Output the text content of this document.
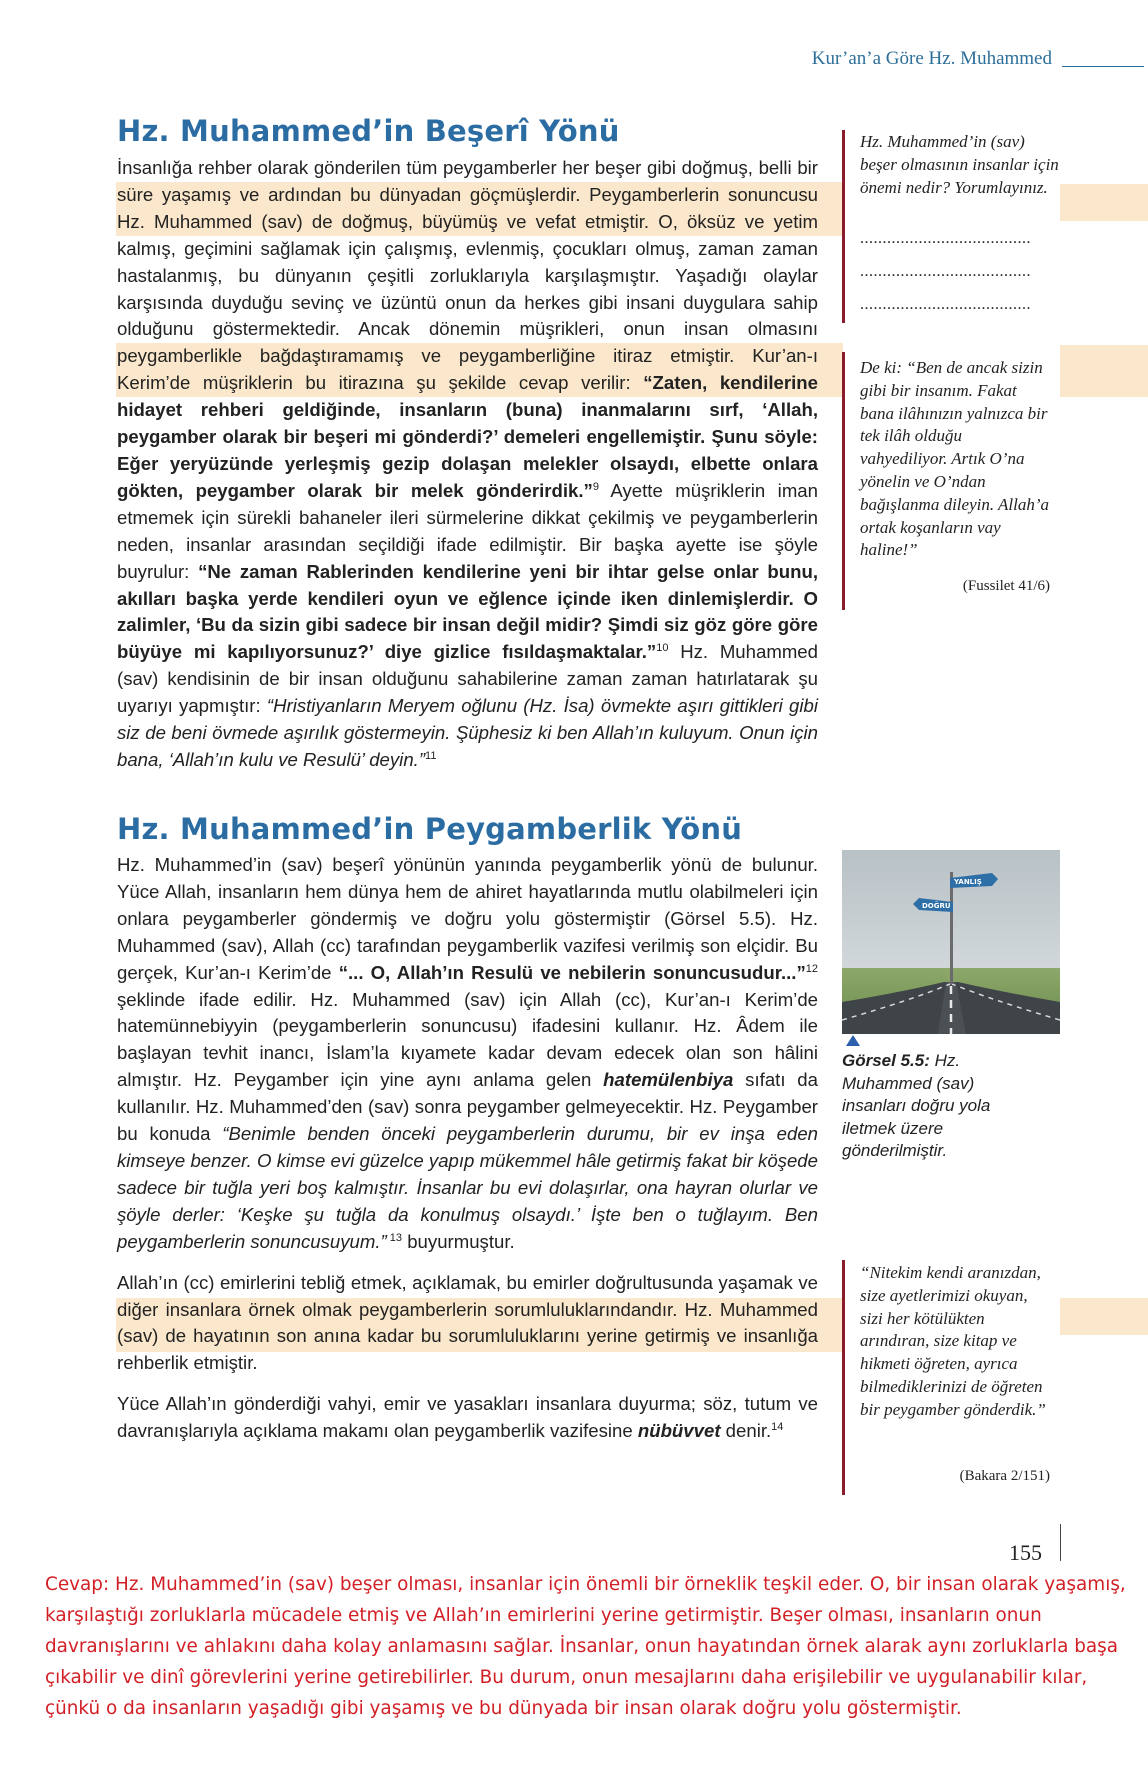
Kur’an’a Göre Hz. Muhammed
Hz. Muhammed’in Beşerî Yönü

İnsanlığa rehber olarak gönderilen tüm peygamberler her beşer gibi doğmuş, belli bir süre yaşamış ve ardından bu dünyadan göçmüşlerdir. Peygamberlerin sonuncusu Hz. Muhammed (sav) de doğmuş, büyümüş ve vefat etmiştir. O, öksüz ve yetim kalmış, geçimini sağlamak için çalışmış, evlenmiş, çocukları olmuş, zaman zaman hastalanmış, bu dünyanın çeşitli zorluklarıyla karşılaşmıştır. Yaşadığı olaylar karşısında duyduğu sevinç ve üzüntü onun da herkes gibi insani duygulara sahip olduğunu göstermektedir. Ancak dönemin müşrikleri, onun insan olmasını peygamberlikle bağdaştıramamış ve peygamberliğine itiraz etmiştir. Kur’an-ı Kerim’de müşriklerin bu itirazına şu şekilde cevap verilir: “Zaten, kendilerine hidayet rehberi geldiğinde, insanların (buna) inanmalarını sırf, ‘Allah, peygamber olarak bir beşeri mi gönderdi?’ demeleri engellemiştir. Şunu söyle: Eğer yeryüzünde yerleşmiş gezip dolaşan melekler olsaydı, elbette onlara gökten, peygamber olarak bir melek gönderirdik.”$^9$ Ayette müşriklerin iman etmemek için sürekli bahaneler ileri sürmelerine dikkat çekilmiş ve peygamberlerin neden, insanlar arasından seçildiği ifade edilmiştir. Bir başka ayette ise şöyle buyrulur: “Ne zaman Rablerinden kendilerine yeni bir ihtar gelse onlar bunu, akılları başka yerde kendileri oyun ve eğlence içinde iken dinlemişlerdir. O zalimler, ‘Bu da sizin gibi sadece bir insan değil midir? Şimdi siz göz göre göre büyüye mi kapılıyorsunuz?’ diye gizlice fısıldaşmaktalar.”$^{10}$ Hz. Muhammed (sav) kendisinin de bir insan olduğunu sahabilerine zaman zaman hatırlatarak şu uyarıyı yapmıştır: “Hristiyanların Meryem oğlunu (Hz. İsa) övmekte aşırı gittikleri gibi siz de beni övmede aşırılık göstermeyin. Şüphesiz ki ben Allah’ın kuluyum. Onun için bana, ‘Allah’ın kulu ve Resulü’ deyin.”$^{11}$

Hz. Muhammed’in Peygamberlik Yönü

Hz. Muhammed’in (sav) beşerî yönünün yanında peygamberlik yönü de bulunur. Yüce Allah, insanların hem dünya hem de ahiret hayatlarında mutlu olabilmeleri için onlara peygamberler göndermiş ve doğru yolu göstermiştir (Görsel 5.5). Hz. Muhammed (sav), Allah (cc) tarafından peygamberlik vazifesi verilmiş son elçidir. Bu gerçek, Kur’an-ı Kerim’de “... O, Allah’ın Resulü ve nebilerin sonuncusudur...”$^{12}$ şeklinde ifade edilir. Hz. Muhammed (sav) için Allah (cc), Kur’an-ı Kerim’de hatemünnebiyyin (peygamberlerin sonuncusu) ifadesini kullanır. Hz. Âdem ile başlayan tevhit inancı, İslam’la kıyamete kadar devam edecek olan son hâlini almıştır. Hz. Peygamber için yine aynı anlama gelen hatemülenbiya sıfatı da kullanılır. Hz. Muhammed’den (sav) sonra peygamber gelmeyecektir. Hz. Peygamber bu konuda “Benimle benden önceki peygamberlerin durumu, bir ev inşa eden kimseye benzer. O kimse evi güzelce yapıp mükemmel hâle getirmiş fakat bir köşede sadece bir tuğla yeri boş kalmıştır. İnsanlar bu evi dolaşırlar, ona hayran olurlar ve şöyle derler: ‘Keşke şu tuğla da konulmuş olsaydı.’ İşte ben o tuğlayım. Ben peygamberlerin sonuncusuyum.” $^{13}$ buyurmuştur.

Allah’ın (cc) emirlerini tebliğ etmek, açıklamak, bu emirler doğrultusunda yaşamak ve diğer insanlara örnek olmak peygamberlerin sorumluluklarındandır. Hz. Muhammed (sav) de hayatının son anına kadar bu sorumluluklarını yerine getirmiş ve insanlığa rehberlik etmiştir.

Yüce Allah’ın gönderdiği vahyi, emir ve yasakları insanlara duyurma; söz, tutum ve davranışlarıyla açıklama makamı olan peygamberlik vazifesine nübüvvet denir.$^{14}$

Hz. Muhammed’in (sav) beşer olmasının insanlar için önemi nedir? Yorumlayınız.
......................................
......................................
......................................
De ki: “Ben de ancak sizin gibi bir insanım. Fakat bana ilâhınızın yalnızca bir tek ilâh olduğu vahyediliyor. Artık O’na yönelin ve O’ndan bağışlanma dileyin. Allah’a ortak koşanların vay haline!”
(Fussilet 41/6)
YANLIŞ
DOĞRU
Görsel 5.5: Hz. Muhammed (sav) insanları doğru yola iletmek üzere gönderilmiştir.
“Nitekim kendi aranızdan, size ayetlerimizi okuyan, sizi her kötülükten arındıran, size kitap ve hikmeti öğreten, ayrıca bilmediklerinizi de öğreten bir peygamber gönderdik.”
(Bakara 2/151)
155
Cevap: Hz. Muhammed’in (sav) beşer olması, insanlar için önemli bir örneklik teşkil eder. O, bir insan olarak yaşamış, karşılaştığı zorluklarla mücadele etmiş ve Allah’ın emirlerini yerine getirmiştir. Beşer olması, insanların onun davranışlarını ve ahlakını daha kolay anlamasını sağlar. İnsanlar, onun hayatından örnek alarak aynı zorluklarla başa çıkabilir ve dinî görevlerini yerine getirebilirler. Bu durum, onun mesajlarını daha erişilebilir ve uygulanabilir kılar, çünkü o da insanların yaşadığı gibi yaşamış ve bu dünyada bir insan olarak doğru yolu göstermiştir.
